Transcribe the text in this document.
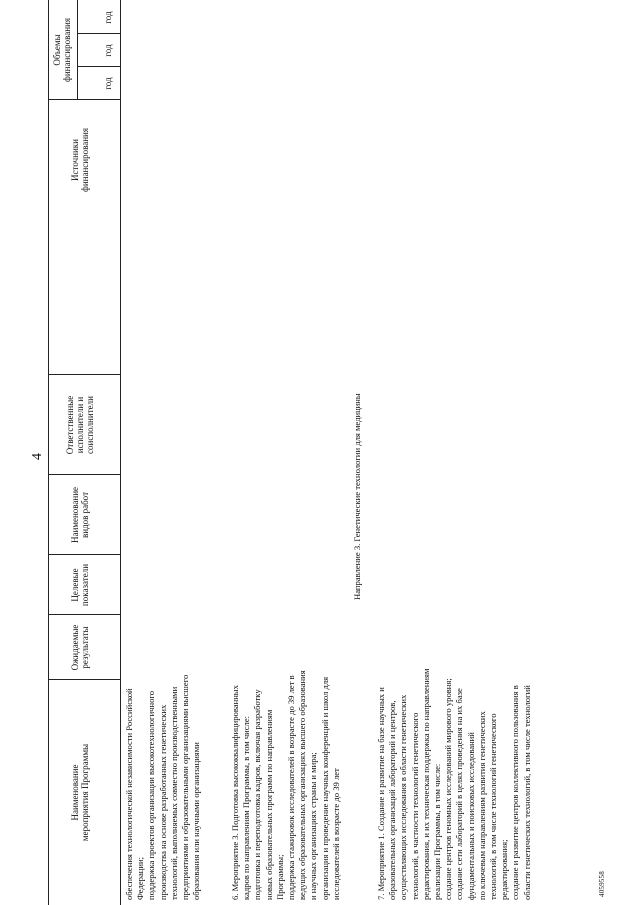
4
Наименование
мероприятия Программы
Ожидаемые
результаты
Целевые
показатели
Наименование
видов работ
Ответственные
исполнители и
соисполнители
Источники
финансирования
Объемы
финансирования
год
год
год
обеспечения технологической независимости Российской
Федерации;
поддержка проектов организации высокотехнологичного
производства на основе разработанных генетических
технологий, выполняемых совместно производственными
предприятиями и образовательными организациями высшего
образования или научными организациями
6. Мероприятие 3. Подготовка высококвалифицированных
кадров по направлениям Программы, в том числе:
подготовка и переподготовка кадров, включая разработку
новых образовательных программ по направлениям
Программы;
поддержка стажировок исследователей в возрасте до 39 лет в
ведущих образовательных организациях высшего образования
и научных организациях страны и мира;
организация и проведение научных конференций и школ для
исследователей в возрасте до 39 лет
Направление 3. Генетические технологии для медицины
7. Мероприятие 1. Создание и развитие на базе научных и
образовательных организаций лабораторий и центров,
осуществляющих исследования в области генетических
технологий, в частности технологий генетического
редактирования, и их техническая поддержка по направлениям
реализации Программы, в том числе:
создание центров геномных исследований мирового уровня;
создание сети лабораторий в целях проведения на их базе
фундаментальных и поисковых исследований
по ключевым направлениям развития генетических
технологий, в том числе технологий генетического
редактирования;
создание и развитие центров коллективного пользования в
области генетических технологий, в том числе технологий
4059558
